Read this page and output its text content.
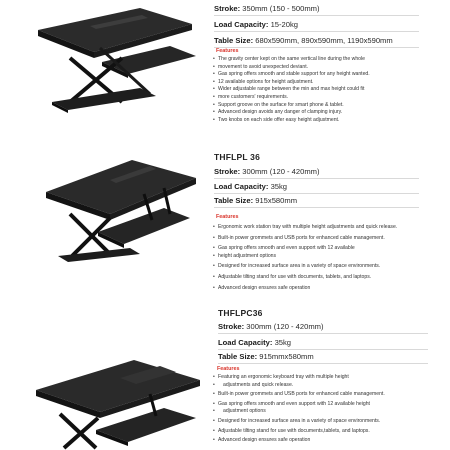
Stroke: 350mm (150 - 500mm)
Load Capacity: 15-20kg
Table Size: 680x590mm, 890x590mm, 1190x590mm
Features
• The gravity center kept on the same vertical line during the whole
• movement to avoid unexpected deviant.
• Gas spring offers smooth and stable support for any height wanted.
• 12 available options for height adjustment.
• Wider adjustable range between the min and max height could fit
• more customers' requirements.
• Support groove on the surface for smart phone & tablet.
• Advanced design avoids any danger of clamping injury.
• Two knobs on each side offer easy height adjustment.
THFLPL 36
Stroke: 300mm (120 - 420mm)
Load Capacity: 35kg
Table Size: 915x580mm
Features
• Ergonomic work station tray with multiple height adjustments and quick release.
• Built-in power grommets and USB ports for enhanced cable management.
• Gas spring offers smooth and even support with 12 available
• height adjustment options
• Designed for increased surface area in a variety of space environments.
• Adjustable tilting stand for use with documents, tablets, and laptops.
• Advanced design ensures safe operation
THFLPC36
Stroke: 300mm (120 - 420mm)
Load Capacity: 35kg
Table Size: 915mmx580mm
Features
• Featuring an ergonomic keyboard tray with multiple height
• adjustments and quick release.
• Built-in power grommets and USB ports for enhanced cable management.
• Gas spring offers smooth and even support with 12 available height
• adjustment options
• Designed for increased surface area in a variety of space environments.
• Adjustable tilting stand for use with documents,tablets, and laptops.
• Advanced design ensures safe operation
